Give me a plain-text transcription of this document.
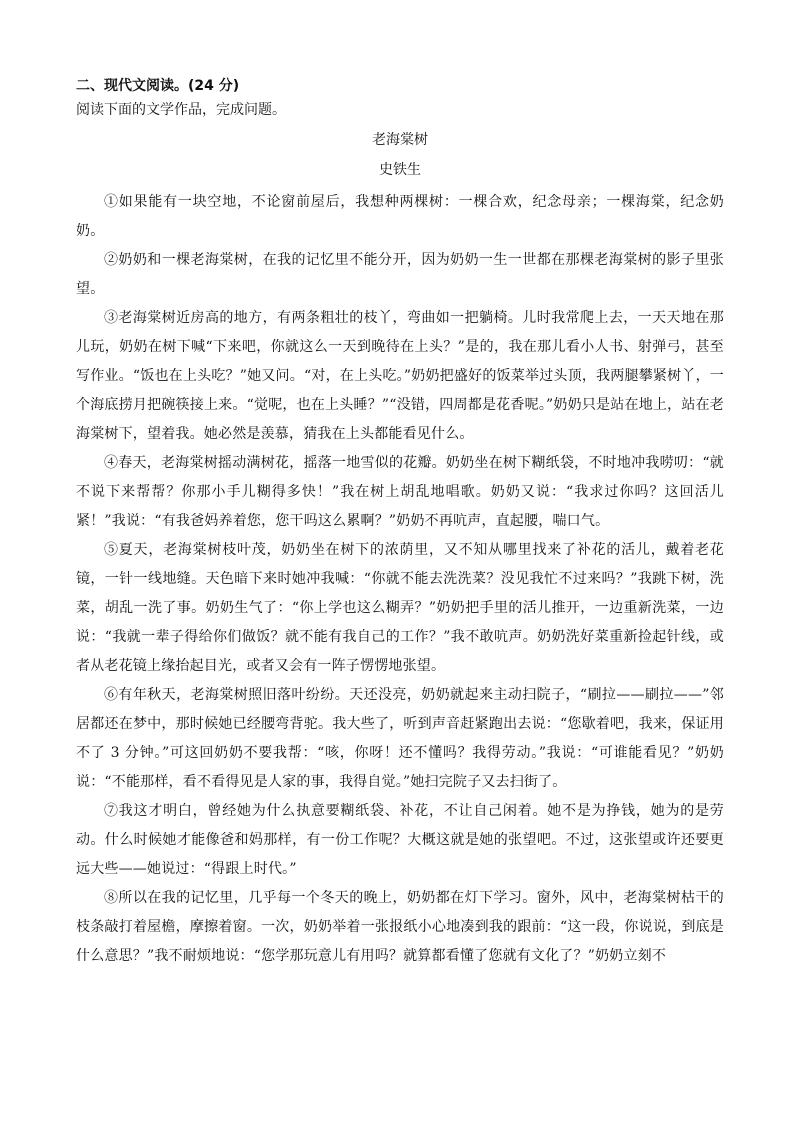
二、现代文阅读。(24 分)
阅读下面的文学作品，完成问题。
老海棠树
史铁生

①如果能有一块空地，不论窗前屋后，我想种两棵树：一棵合欢，纪念母亲；一棵海棠，纪念奶奶。

②奶奶和一棵老海棠树，在我的记忆里不能分开，因为奶奶一生一世都在那棵老海棠树的影子里张望。

③老海棠树近房高的地方，有两条粗壮的枝丫，弯曲如一把躺椅。儿时我常爬上去，一天天地在那儿玩，奶奶在树下喊“下来吧，你就这么一天到晚待在上头？”是的，我在那儿看小人书、射弹弓，甚至写作业。“饭也在上头吃？”她又问。“对，在上头吃。”奶奶把盛好的饭菜举过头顶，我两腿攀紧树丫，一个海底捞月把碗筷接上来。“觉呢，也在上头睡？”“没错，四周都是花香呢。”奶奶只是站在地上，站在老海棠树下，望着我。她必然是羡慕，猜我在上头都能看见什么。

④春天，老海棠树摇动满树花，摇落一地雪似的花瓣。奶奶坐在树下糊纸袋，不时地冲我唠叨：“就不说下来帮帮？你那小手儿糊得多快！”我在树上胡乱地唱歌。奶奶又说：“我求过你吗？这回活儿紧！”我说：“有我爸妈养着您，您干吗这么累啊？”奶奶不再吭声，直起腰，喘口气。

⑤夏天，老海棠树枝叶茂，奶奶坐在树下的浓荫里，又不知从哪里找来了补花的活儿，戴着老花镜，一针一线地缝。天色暗下来时她冲我喊：“你就不能去洗洗菜？没见我忙不过来吗？”我跳下树，洗菜，胡乱一洗了事。奶奶生气了：“你上学也这么糊弄？”奶奶把手里的活儿推开，一边重新洗菜，一边说：“我就一辈子得给你们做饭？就不能有我自己的工作？”我不敢吭声。奶奶洗好菜重新捡起针线，或者从老花镜上缘抬起目光，或者又会有一阵子愣愣地张望。

⑥有年秋天，老海棠树照旧落叶纷纷。天还没亮，奶奶就起来主动扫院子，“刷拉——刷拉——”邻居都还在梦中，那时候她已经腰弯背驼。我大些了，听到声音赶紧跑出去说：“您歇着吧，我来，保证用不了 3 分钟。”可这回奶奶不要我帮：“咳，你呀！还不懂吗？我得劳动。”我说：“可谁能看见？”奶奶说：“不能那样，看不看得见是人家的事，我得自觉。”她扫完院子又去扫街了。

⑦我这才明白，曾经她为什么执意要糊纸袋、补花，不让自己闲着。她不是为挣钱，她为的是劳动。什么时候她才能像爸和妈那样，有一份工作呢？大概这就是她的张望吧。不过，这张望或许还要更远大些——她说过：“得跟上时代。”

⑧所以在我的记忆里，几乎每一个冬天的晚上，奶奶都在灯下学习。窗外，风中，老海棠树枯干的枝条敲打着屋檐，摩擦着窗。一次，奶奶举着一张报纸小心地凑到我的跟前：“这一段，你说说，到底是什么意思？”我不耐烦地说：“您学那玩意儿有用吗？就算都看懂了您就有文化了？”奶奶立刻不
